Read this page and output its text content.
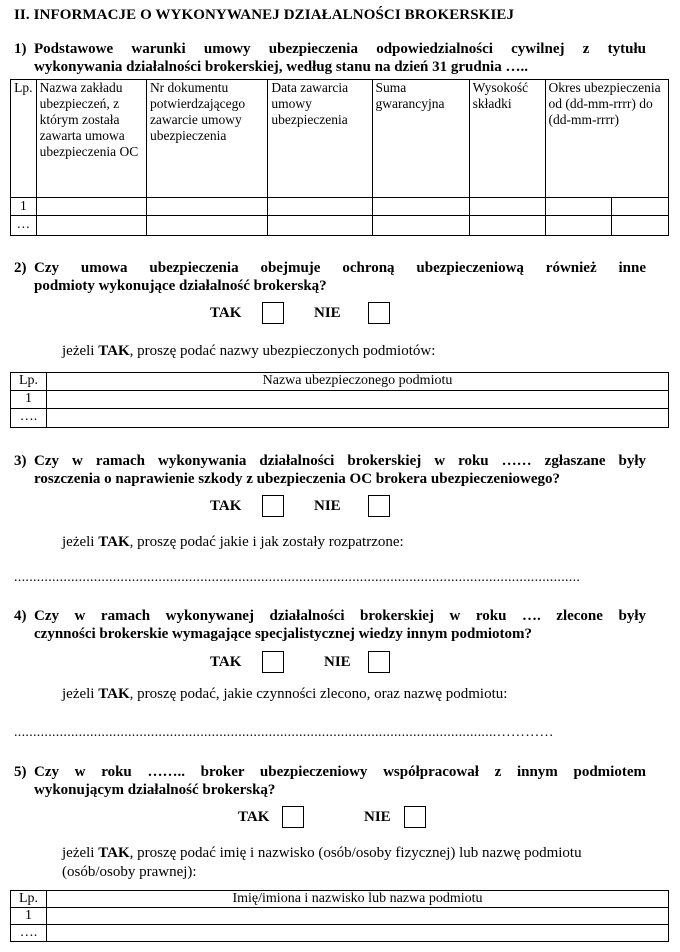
II. INFORMACJE O WYKONYWANEJ DZIAŁALNOŚCI BROKERSKIEJ
1) Podstawowe warunki umowy ubezpieczenia odpowiedzialności cywilnej z tytułu
wykonywania działalności brokerskiej, według stanu na dzień 31 grudnia …..
Lp.	Nazwa zakładu ubezpieczeń, z którym została zawarta umowa ubezpieczenia OC	Nr dokumentu potwierdzającego zawarcie umowy ubezpieczenia	Data zawarcia umowy ubezpieczenia	Suma gwarancyjna	Wysokość składki	Okres ubezpieczenia od (dd-mm-rrrr) do (dd-mm-rrrr)	
1							
…							
2) Czy umowa ubezpieczenia obejmuje ochroną ubezpieczeniową również inne
podmioty wykonujące działalność brokerską?
TAK	NIE
jeżeli TAK, proszę podać nazwy ubezpieczonych podmiotów:
Lp.	Nazwa ubezpieczonego podmiotu
1	
….	
3) Czy w ramach wykonywania działalności brokerskiej w roku …… zgłaszane były
roszczenia o naprawienie szkody z ubezpieczenia OC brokera ubezpieczeniowego?
TAK	NIE
jeżeli TAK, proszę podać jakie i jak zostały rozpatrzone:
.....................................................................................................................................................
4) Czy w ramach wykonywanej działalności brokerskiej w roku …. zlecone były
czynności brokerskie wymagające specjalistycznej wiedzy innym podmiotom?
TAK	NIE
jeżeli TAK, proszę podać, jakie czynności zlecono, oraz nazwę podmiotu:
...............................................................................................................................…………
5) Czy w roku …….. broker ubezpieczeniowy współpracował z innym podmiotem
wykonującym działalność brokerską?
TAK	NIE
jeżeli TAK, proszę podać imię i nazwisko (osób/osoby fizycznej) lub nazwę podmiotu
(osób/osoby prawnej):
Lp.	Imię/imiona i nazwisko lub nazwa podmiotu
1	
….	
